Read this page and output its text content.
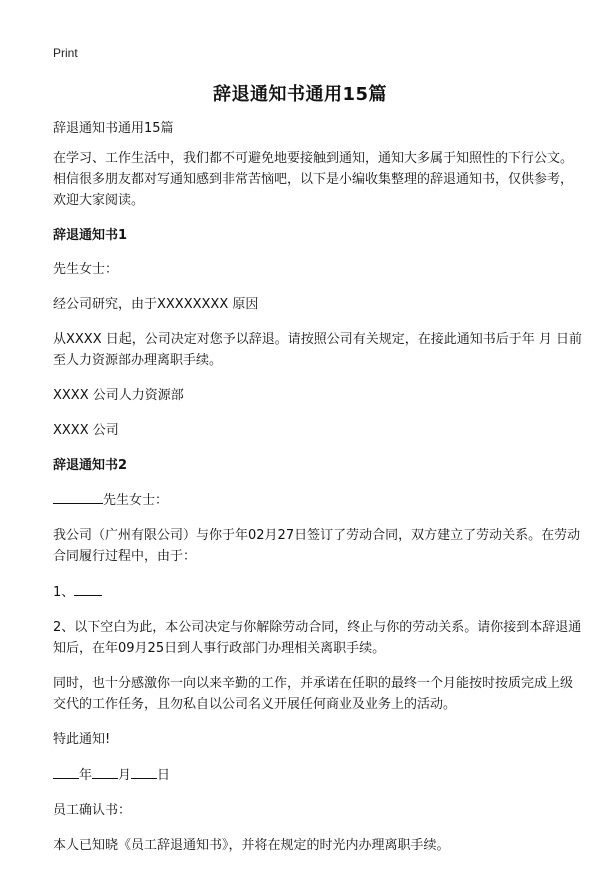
Print
辞退通知书通用15篇

辞退通知书通用15篇

在学习、工作生活中，我们都不可避免地要接触到通知，通知大多属于知照性的下行公文。相信很多朋友都对写通知感到非常苦恼吧，以下是小编收集整理的辞退通知书，仅供参考，欢迎大家阅读。

辞退通知书1

先生女士：

经公司研究，由于XXXXXXXX 原因

从XXXX 日起，公司决定对您予以辞退。请按照公司有关规定，在接此通知书后于年 月 日前至人力资源部办理离职手续。

XXXX 公司人力资源部

XXXX 公司

辞退通知书2

先生女士：

我公司（广州有限公司）与你于年02月27日签订了劳动合同，双方建立了劳动关系。在劳动合同履行过程中，由于：

1、

2、以下空白为此，本公司决定与你解除劳动合同，终止与你的劳动关系。请你接到本辞退通知后，在年09月25日到人事行政部门办理相关离职手续。

同时，也十分感激你一向以来辛勤的工作，并承诺在任职的最终一个月能按时按质完成上级交代的工作任务，且勿私自以公司名义开展任何商业及业务上的活动。

特此通知!

年 月 日

员工确认书：

本人已知晓《员工辞退通知书》，并将在规定的时光内办理离职手续。
